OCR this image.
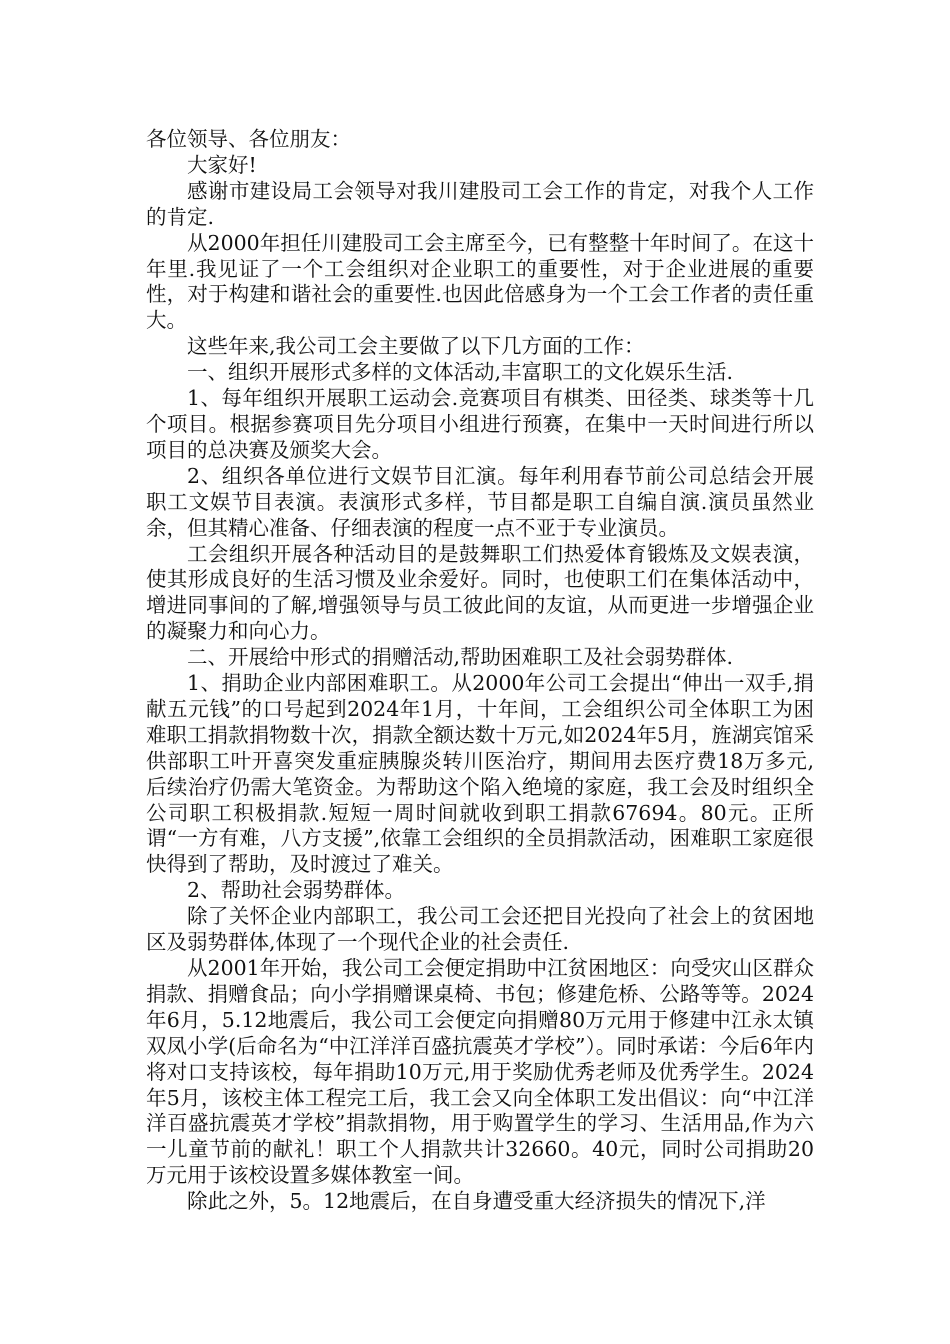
各位领导、各位朋友：

大家好!

感谢市建设局工会领导对我川建股司工会工作的肯定，对我个人工作的肯定.

从2000年担任川建股司工会主席至今，已有整整十年时间了。在这十年里.我见证了一个工会组织对企业职工的重要性，对于企业进展的重要性，对于构建和谐社会的重要性.也因此倍感身为一个工会工作者的责任重大。

这些年来,我公司工会主要做了以下几方面的工作：

一、组织开展形式多样的文体活动,丰富职工的文化娱乐生活.

1、每年组织开展职工运动会.竞赛项目有棋类、田径类、球类等十几个项目。根据参赛项目先分项目小组进行预赛，在集中一天时间进行所以项目的总决赛及颁奖大会。

2、组织各单位进行文娱节目汇演。每年利用春节前公司总结会开展职工文娱节目表演。表演形式多样，节目都是职工自编自演.演员虽然业余，但其精心准备、仔细表演的程度一点不亚于专业演员。

工会组织开展各种活动目的是鼓舞职工们热爱体育锻炼及文娱表演，使其形成良好的生活习惯及业余爱好。同时，也使职工们在集体活动中，增进同事间的了解,增强领导与员工彼此间的友谊，从而更进一步增强企业的凝聚力和向心力。

二、开展给中形式的捐赠活动,帮助困难职工及社会弱势群体.

1、捐助企业内部困难职工。从2000年公司工会提出“伸出一双手,捐献五元钱”的口号起到2024年1月，十年间，工会组织公司全体职工为困难职工捐款捐物数十次，捐款全额达数十万元,如2024年5月，旌湖宾馆采供部职工叶开喜突发重症胰腺炎转川医治疗，期间用去医疗费18万多元,后续治疗仍需大笔资金。为帮助这个陷入绝境的家庭，我工会及时组织全公司职工积极捐款.短短一周时间就收到职工捐款67694。80元。正所谓“一方有难，八方支援”,依靠工会组织的全员捐款活动，困难职工家庭很快得到了帮助，及时渡过了难关。

2、帮助社会弱势群体。

除了关怀企业内部职工，我公司工会还把目光投向了社会上的贫困地区及弱势群体,体现了一个现代企业的社会责任.

从2001年开始，我公司工会便定捐助中江贫困地区：向受灾山区群众捐款、捐赠食品；向小学捐赠课桌椅、书包；修建危桥、公路等等。2024年6月，5.12地震后，我公司工会便定向捐赠80万元用于修建中江永太镇双凤小学(后命名为“中江洋洋百盛抗震英才学校”）。同时承诺：今后6年内将对口支持该校，每年捐助10万元,用于奖励优秀老师及优秀学生。2024年5月，该校主体工程完工后，我工会又向全体职工发出倡议：向“中江洋洋百盛抗震英才学校”捐款捐物，用于购置学生的学习、生活用品,作为六一儿童节前的献礼！职工个人捐款共计32660。40元，同时公司捐助20万元用于该校设置多媒体教室一间。

除此之外，5。12地震后，在自身遭受重大经济损失的情况下,洋
